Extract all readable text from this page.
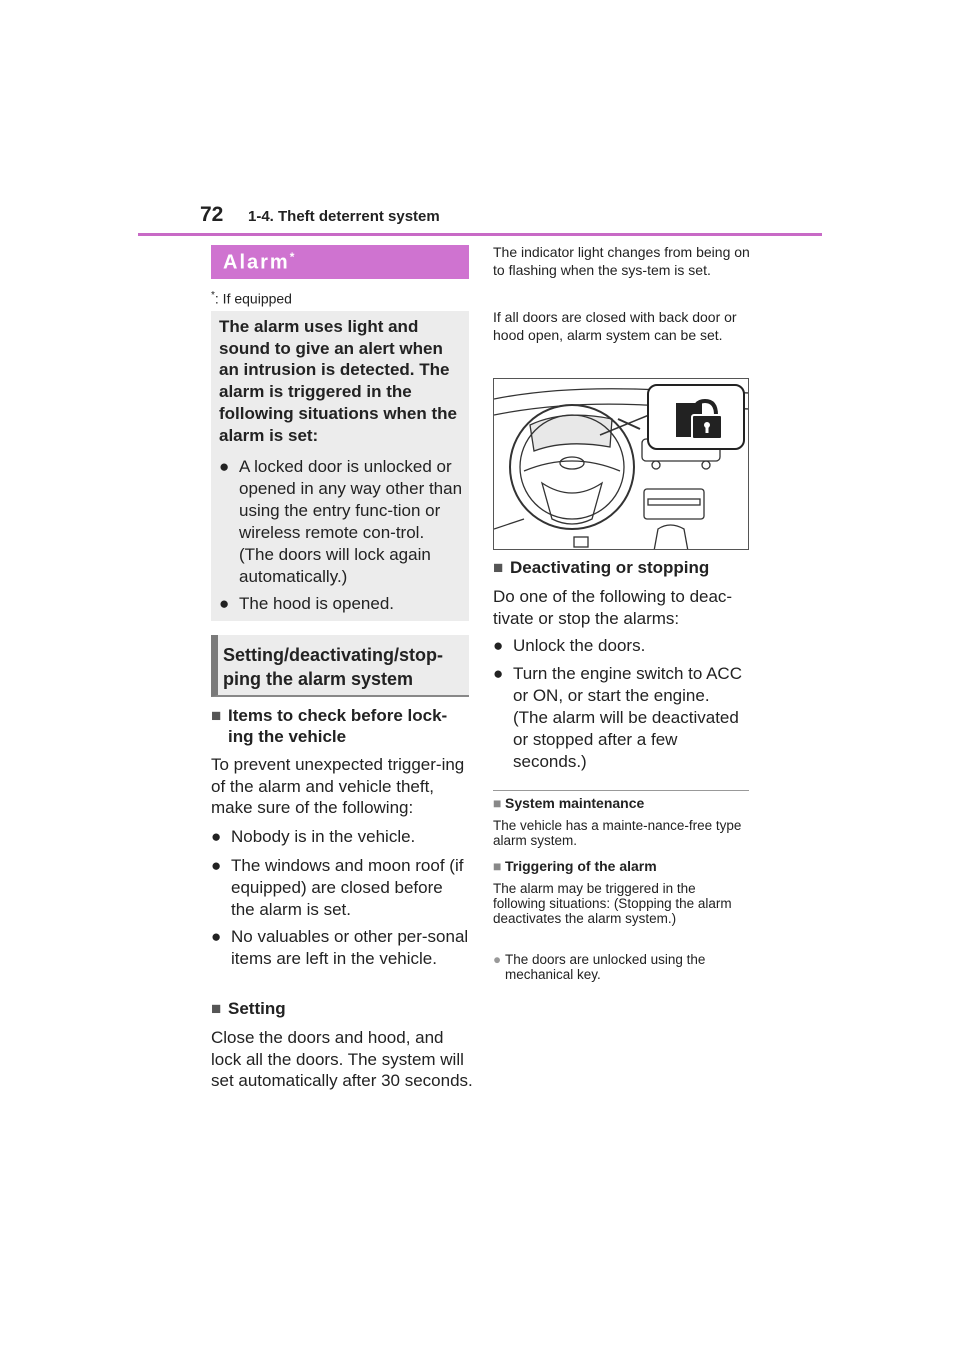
72 1-4. Theft deterrent system
Alarm*
*: If equipped
The alarm uses light and sound to give an alert when an intrusion is detected. The alarm is triggered in the following situations when the alarm is set:
● A locked door is unlocked or opened in any way other than using the entry func-tion or wireless remote con-trol. (The doors will lock again automatically.)
● The hood is opened.
Setting/deactivating/stop-ping the alarm system
■ Items to check before lock-ing the vehicle
To prevent unexpected trigger-ing of the alarm and vehicle theft, make sure of the following:
● Nobody is in the vehicle.
● The windows and moon roof (if equipped) are closed before the alarm is set.
● No valuables or other per-sonal items are left in the vehicle.
■ Setting
Close the doors and hood, and lock all the doors. The system will set automatically after 30 seconds.
The indicator light changes from being on to flashing when the sys-tem is set.
If all doors are closed with back door or hood open, alarm system can be set.
■ Deactivating or stopping
Do one of the following to deac-tivate or stop the alarms:
● Unlock the doors.
● Turn the engine switch to ACC or ON, or start the engine. (The alarm will be deactivated or stopped after a few seconds.)
■ System maintenance
The vehicle has a mainte-nance-free type alarm system.
■ Triggering of the alarm
The alarm may be triggered in the following situations: (Stopping the alarm deactivates the alarm system.)
● The doors are unlocked using the mechanical key.
